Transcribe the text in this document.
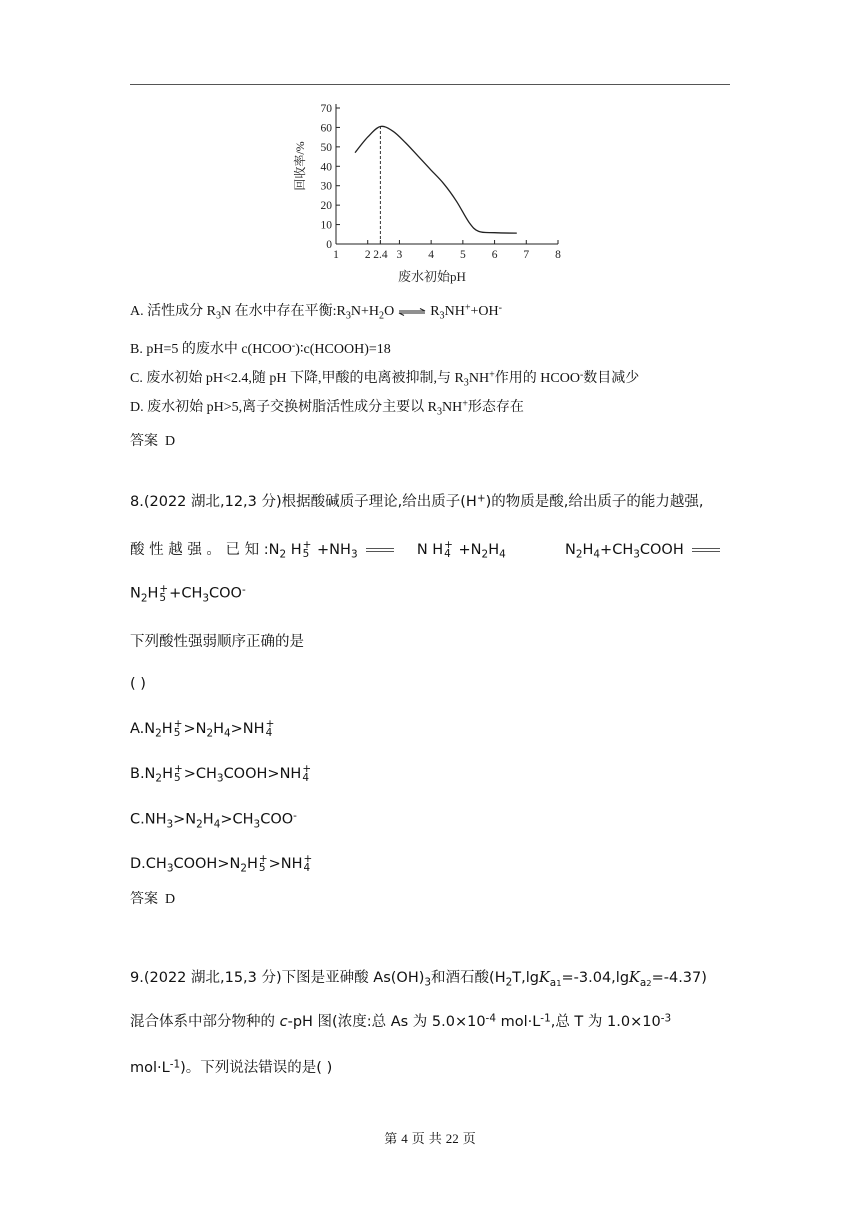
0
10
20
30
40
50
60
70
1 2 2.4 3 4 5 6 7 8
废水初始pH
回收率/%
A. 活性成分 $R_3N$ 在水中存在平衡$:R_3N+H_2O$ ⇌ $R_3NH^++OH^-$
B. pH=5 的废水中 c(HCOO-)∶c(HCOOH)=18
C. 废水初始 pH<2.4,随 pH 下降,甲酸的电离被抑制,与 $R_3NH^+$作用的 HCOO-数目减少
D. 废水初始 pH>5,离子交换树脂活性成分主要以 $R_3NH^+$形态存在
答案 D
8.(2022 湖北,12,3 分)根据酸碱质子理论,给出质子(H+)的物质是酸,给出质子的能力越强,
酸 性 越 强 。 已 知 $:N_2$ H +
$5 +NH_3$	N H +
$4 +N_2H_4$	$N_2H_4+CH_3COOH$
$N_2H$ +
$5 +CH_3COO^-$
下列酸性强弱顺序正确的是
( )
$A.N_2H$ +
$5 >N_2H_4>NH$ +
4
$B.N_2H$ +
$5 >CH_3COOH>NH$ +
4
$C.NH_3>N_2H_4>CH_3COO^-$
$D.CH_3COOH>N_2H$ +
5 >NH +
4
答案 D
9.(2022 湖北,15,3 分)下图是亚砷酸 $As(OH)_3$和酒石酸$(H_2T,\lg K_{a1}=-3.04,\lg K_{a2}=-4.37)$
混合体系中部分物种的 c-pH 图(浓度:总 As 为 $5.0\times 10^{-4}$ $mol\cdot L^{-1}$,总 T 为 $1.0\times 10^{-3}$
$mol\cdot L^{-1}$)。下列说法错误的是( )
第 4 页 共 22 页
